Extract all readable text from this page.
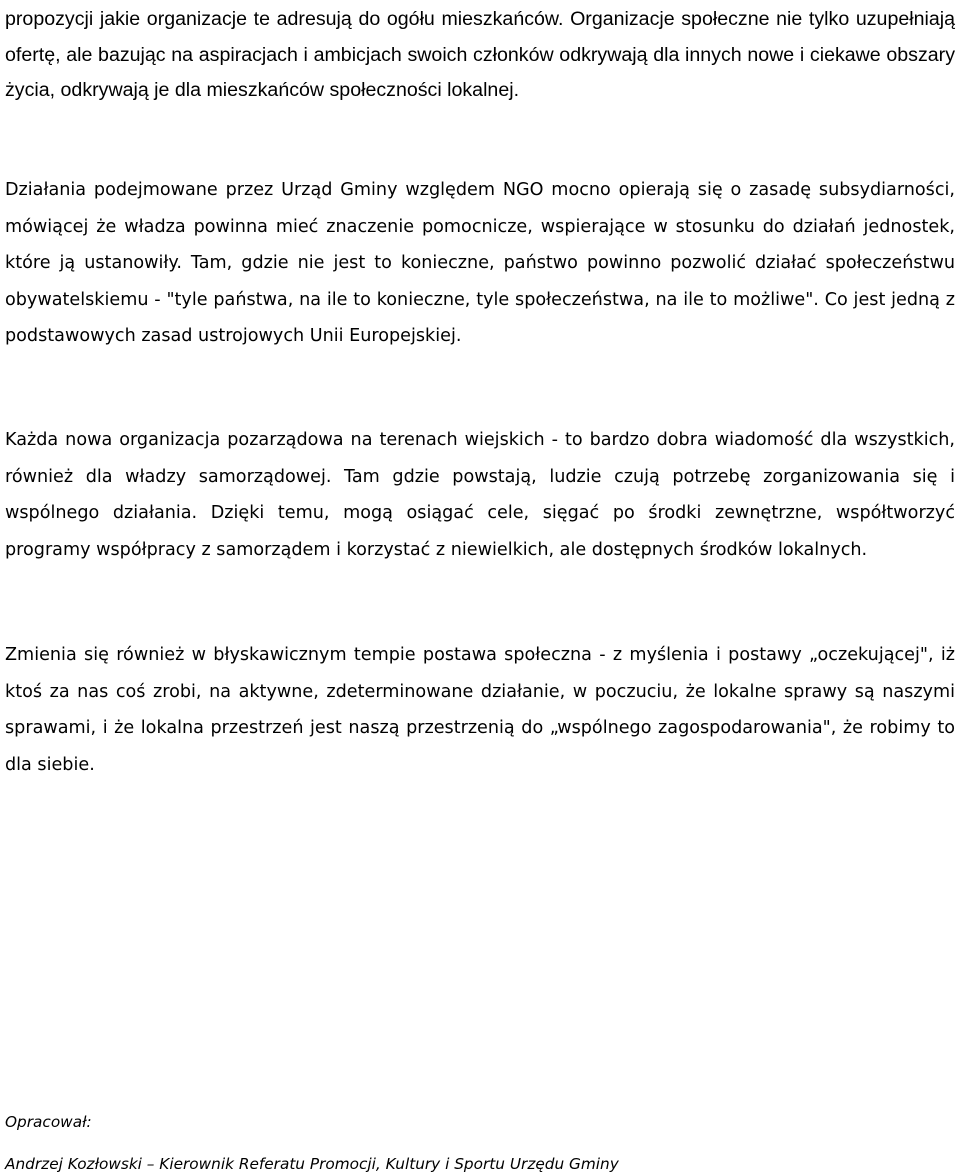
propozycji jakie organizacje te adresują do ogółu mieszkańców. Organizacje społeczne nie tylko uzupełniają ofertę, ale bazując na aspiracjach i ambicjach swoich członków odkrywają dla innych nowe i ciekawe obszary życia, odkrywają je dla mieszkańców społeczności lokalnej.

Działania podejmowane przez Urząd Gminy względem NGO mocno opierają się o zasadę subsydiarności, mówiącej że władza powinna mieć znaczenie pomocnicze, wspierające w stosunku do działań jednostek, które ją ustanowiły. Tam, gdzie nie jest to konieczne, państwo powinno pozwolić działać społeczeństwu obywatelskiemu - "tyle państwa, na ile to konieczne, tyle społeczeństwa, na ile to możliwe". Co jest jedną z podstawowych zasad ustrojowych Unii Europejskiej.

Każda nowa organizacja pozarządowa na terenach wiejskich - to bardzo dobra wiadomość dla wszystkich, również dla władzy samorządowej. Tam gdzie powstają, ludzie czują potrzebę zorganizowania się i wspólnego działania. Dzięki temu, mogą osiągać cele, sięgać po środki zewnętrzne, współtworzyć programy współpracy z samorządem i korzystać z niewielkich, ale dostępnych środków lokalnych.

Zmienia się również w błyskawicznym tempie postawa społeczna - z myślenia i postawy „oczekującej", iż ktoś za nas coś zrobi, na aktywne, zdeterminowane działanie, w poczuciu, że lokalne sprawy są naszymi sprawami, i że lokalna przestrzeń jest naszą przestrzenią do „wspólnego zagospodarowania", że robimy to dla siebie.

Opracował:
Andrzej Kozłowski – Kierownik Referatu Promocji, Kultury i Sportu Urzędu Gminy
